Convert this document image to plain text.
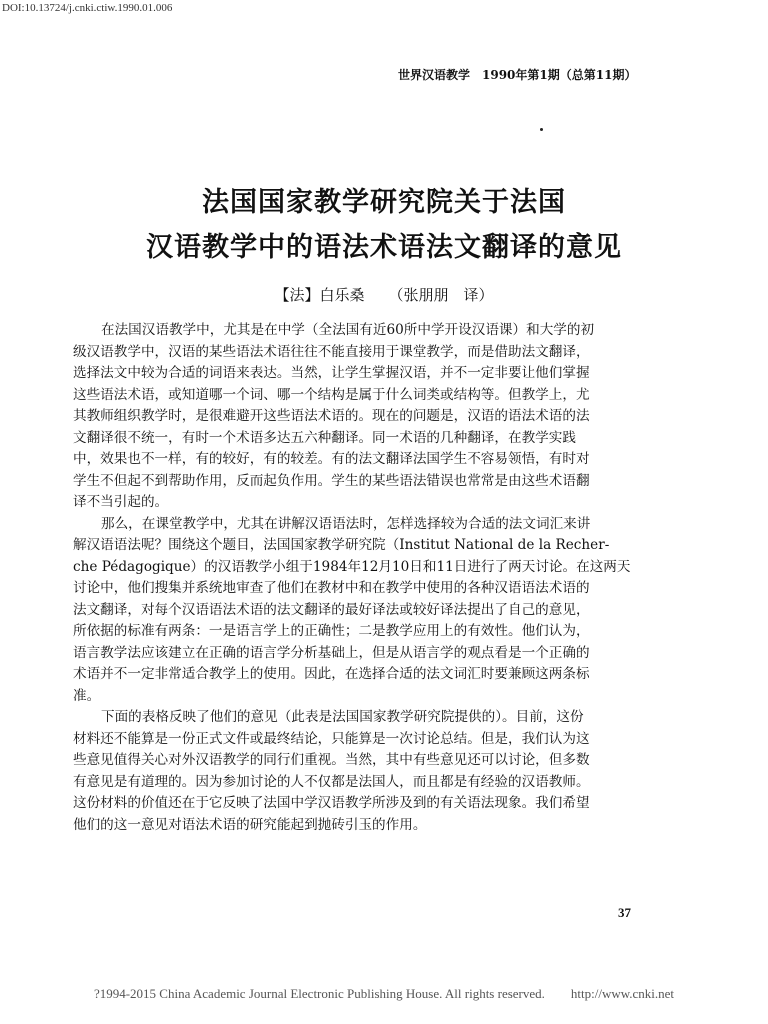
DOI:10.13724/j.cnki.ctiw.1990.01.006
世界汉语教学　1990年第1期（总第11期）
法国国家教学研究院关于法国
汉语教学中的语法术语法文翻译的意见
【法】白乐桑 （张朋朋　译）
在法国汉语教学中，尤其是在中学（全法国有近60所中学开设汉语课）和大学的初
级汉语教学中，汉语的某些语法术语往往不能直接用于课堂教学，而是借助法文翻译，
选择法文中较为合适的词语来表达。当然，让学生掌握汉语，并不一定非要让他们掌握
这些语法术语，或知道哪一个词、哪一个结构是属于什么词类或结构等。但教学上，尤
其教师组织教学时，是很难避开这些语法术语的。现在的问题是，汉语的语法术语的法
文翻译很不统一，有时一个术语多达五六种翻译。同一术语的几种翻译，在教学实践
中，效果也不一样，有的较好，有的较差。有的法文翻译法国学生不容易领悟，有时对
学生不但起不到帮助作用，反而起负作用。学生的某些语法错误也常常是由这些术语翻
译不当引起的。
那么，在课堂教学中，尤其在讲解汉语语法时，怎样选择较为合适的法文词汇来讲
解汉语语法呢？围绕这个题目，法国国家教学研究院（Institut National de la Recher-
che Pédagogique）的汉语教学小组于1984年12月10日和11日进行了两天讨论。在这两天
讨论中，他们搜集并系统地审查了他们在教材中和在教学中使用的各种汉语语法术语的
法文翻译，对每个汉语语法术语的法文翻译的最好译法或较好译法提出了自己的意见，
所依据的标准有两条：一是语言学上的正确性；二是教学应用上的有效性。他们认为，
语言教学法应该建立在正确的语言学分析基础上，但是从语言学的观点看是一个正确的
术语并不一定非常适合教学上的使用。因此，在选择合适的法文词汇时要兼顾这两条标
准。
下面的表格反映了他们的意见（此表是法国国家教学研究院提供的）。目前，这份
材料还不能算是一份正式文件或最终结论，只能算是一次讨论总结。但是，我们认为这
些意见值得关心对外汉语教学的同行们重视。当然，其中有些意见还可以讨论，但多数
有意见是有道理的。因为参加讨论的人不仅都是法国人，而且都是有经验的汉语教师。
这份材料的价值还在于它反映了法国中学汉语教学所涉及到的有关语法现象。我们希望
他们的这一意见对语法术语的研究能起到抛砖引玉的作用。
37
?1994-2015 China Academic Journal Electronic Publishing House. All rights reserved.　　http://www.cnki.net
